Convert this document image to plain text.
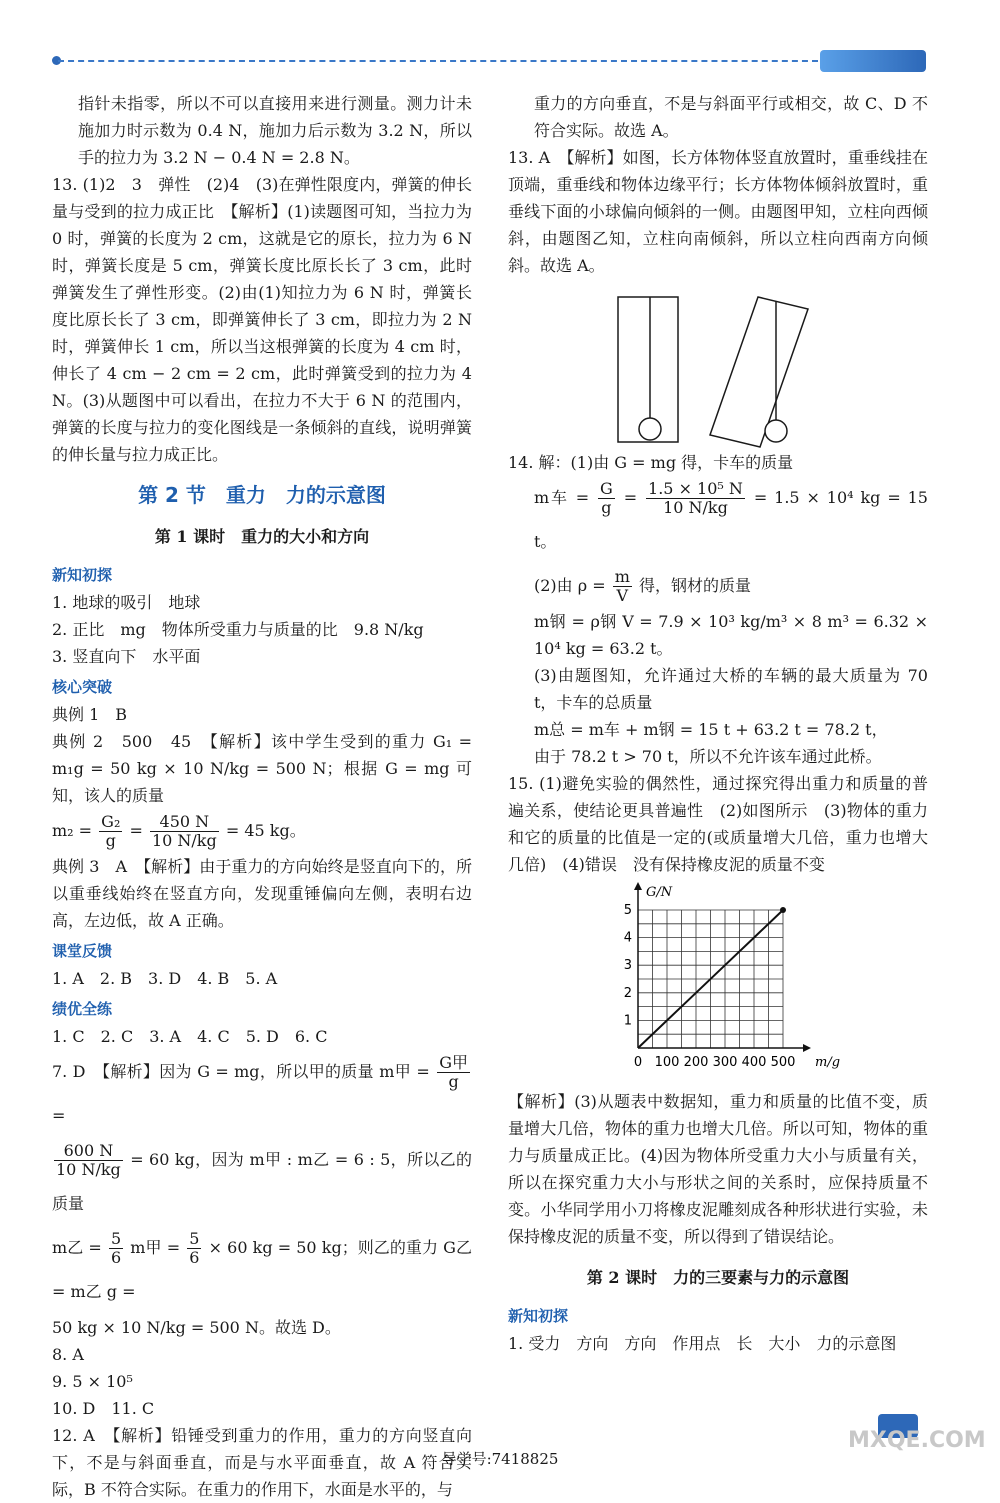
指针未指零，所以不可以直接用来进行测量。测力计未施加力时示数为 0.4 N，施加力后示数为 3.2 N，所以手的拉力为 3.2 N − 0.4 N = 2.8 N。

13. (1)2　3　弹性　(2)4　(3)在弹性限度内，弹簧的伸长量与受到的拉力成正比　【解析】(1)读题图可知，当拉力为 0 时，弹簧的长度为 2 cm，这就是它的原长，拉力为 6 N 时，弹簧长度是 5 cm，弹簧长度比原长长了 3 cm，此时弹簧发生了弹性形变。(2)由(1)知拉力为 6 N 时，弹簧长度比原长长了 3 cm，即弹簧伸长了 3 cm，即拉力为 2 N 时，弹簧伸长 1 cm，所以当这根弹簧的长度为 4 cm 时，伸长了 4 cm − 2 cm = 2 cm，此时弹簧受到的拉力为 4 N。(3)从题图中可以看出，在拉力不大于 6 N 的范围内，弹簧的长度与拉力的变化图线是一条倾斜的直线，说明弹簧的伸长量与拉力成正比。

第 2 节　重力　力的示意图
第 1 课时　重力的大小和方向
新知初探

1. 地球的吸引　地球

2. 正比　mg　物体所受重力与质量的比　9.8 N/kg

3. 竖直向下　水平面

核心突破

典例 1　B

典例 2　500　45　【解析】该中学生受到的重力 G₁ = m₁g = 50 kg × 10 N/kg = 500 N；根据 G = mg 可知，该人的质量

$m_2 = \frac{\text{G₂}}{g} = \frac{450 N}{10 N/kg} = 45$ kg。

典例 3　A　【解析】由于重力的方向始终是竖直向下的，所以重垂线始终在竖直方向，发现重锤偏向左侧，表明右边高，左边低，故 A 正确。

课堂反馈

1. A　2. B　3. D　4. B　5. A

绩优全练

1. C　2. C　3. A　4. C　5. D　6. C

7. D　【解析】因为 G = mg，所以甲的质量 m甲 = $\frac{\text{G甲}}{g}$
=

$\frac{600 N}{10 N/kg} = 60$ kg，因为 m甲 : m乙 = 6 : 5，所以乙的质量

m乙 = $\frac{5}{6}$ m甲 = $\frac{5}{6} \times 60$ kg = 50 kg；则乙的重力 G乙 = m乙 g =

50 kg × 10 N/kg = 500 N。故选 D。

8. A

9. 5 × 10⁵

10. D　11. C

12. A　【解析】铅锤受到重力的作用，重力的方向竖直向下，不是与斜面垂直，而是与水平面垂直，故 A 符合实际，B 不符合实际。在重力的作用下，水面是水平的，与

重力的方向垂直，不是与斜面平行或相交，故 C、D 不符合实际。故选 A。

13. A　【解析】如图，长方体物体竖直放置时，重垂线挂在顶端，重垂线和物体边缘平行；长方体物体倾斜放置时，重垂线下面的小球偏向倾斜的一侧。由题图甲知，立柱向西倾斜，由题图乙知，立柱向南倾斜，所以立柱向西南方向倾斜。故选 A。

14. 解：(1)由 G = mg 得，卡车的质量

m车 = $\frac{G}{g} = \frac{\text{1.5 × 10⁵ N}}{10 N/kg} = 1.5 \times 10^4$ kg = 15 t。

(2)由 $\rho = \frac{m}{V}$ 得，钢材的质量

m钢 = ρ钢 V = 7.9 × 10³ kg/m³ × 8 m³ = 6.32 × 10⁴ kg = 63.2 t。

(3)由题图知，允许通过大桥的车辆的最大质量为 70 t，卡车的总质量

m总 = m车 + m钢 = 15 t + 63.2 t = 78.2 t，

由于 78.2 t > 70 t，所以不允许该车通过此桥。

15. (1)避免实验的偶然性，通过探究得出重力和质量的普遍关系，使结论更具普遍性　(2)如图所示　(3)物体的重力和它的质量的比值是一定的(或质量增大几倍，重力也增大几倍)　(4)错误　没有保持橡皮泥的质量不变

0 100 200 300 400 500
1
2
3
4
5
m/g
G/N

【解析】(3)从题表中数据知，重力和质量的比值不变，质量增大几倍，物体的重力也增大几倍。所以可知，物体的重力与质量成正比。(4)因为物体所受重力大小与质量有关，所以在探究重力大小与形状之间的关系时，应保持质量不变。小华同学用小刀将橡皮泥雕刻成各种形状进行实验，未保持橡皮泥的质量不变，所以得到了错误结论。

第 2 课时　力的三要素与力的示意图
新知初探

1. 受力　方向　方向　作用点　长　大小　力的示意图

MXQE.COM
导学号:7418825
